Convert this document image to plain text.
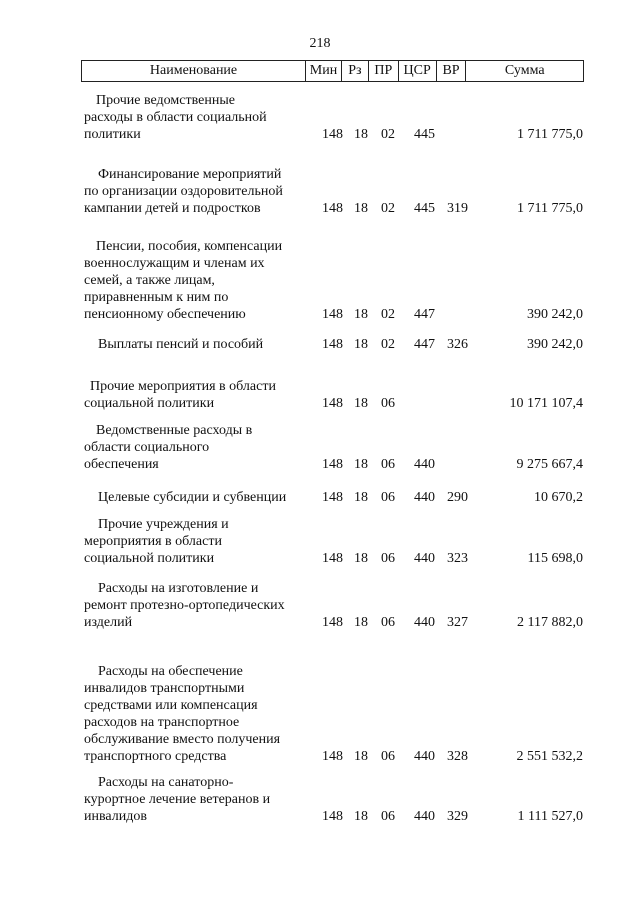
218
Наименование	Мин Рз ПР ЦСР ВР	Сумма
Прочие ведомственные
расходы в области социальной
политики	148 18 02 445	1 711 775,0
Финансирование мероприятий
по организации оздоровительной
кампании детей и подростков	148 18 02 445 319	1 711 775,0
Пенсии, пособия, компенсации
военнослужащим и членам их
семей, а также лицам,
приравненным к ним по
пенсионному обеспечению	148 18 02 447	390 242,0
Выплаты пенсий и пособий	148 18 02 447 326	390 242,0
Прочие мероприятия в области
социальной политики	148 18 06	10 171 107,4
Ведомственные расходы в
области социального
обеспечения	148 18 06 440	9 275 667,4
Целевые субсидии и субвенции	148 18 06 440 290	10 670,2
Прочие учреждения и
мероприятия в области
социальной политики	148 18 06 440 323	115 698,0
Расходы на изготовление и
ремонт протезно-ортопедических
изделий	148 18 06 440 327	2 117 882,0
Расходы на обеспечение
инвалидов транспортными
средствами или компенсация
расходов на транспортное
обслуживание вместо получения
транспортного средства	148 18 06 440 328	2 551 532,2
Расходы на санаторно-
курортное лечение ветеранов и
инвалидов	148 18 06 440 329	1 111 527,0
